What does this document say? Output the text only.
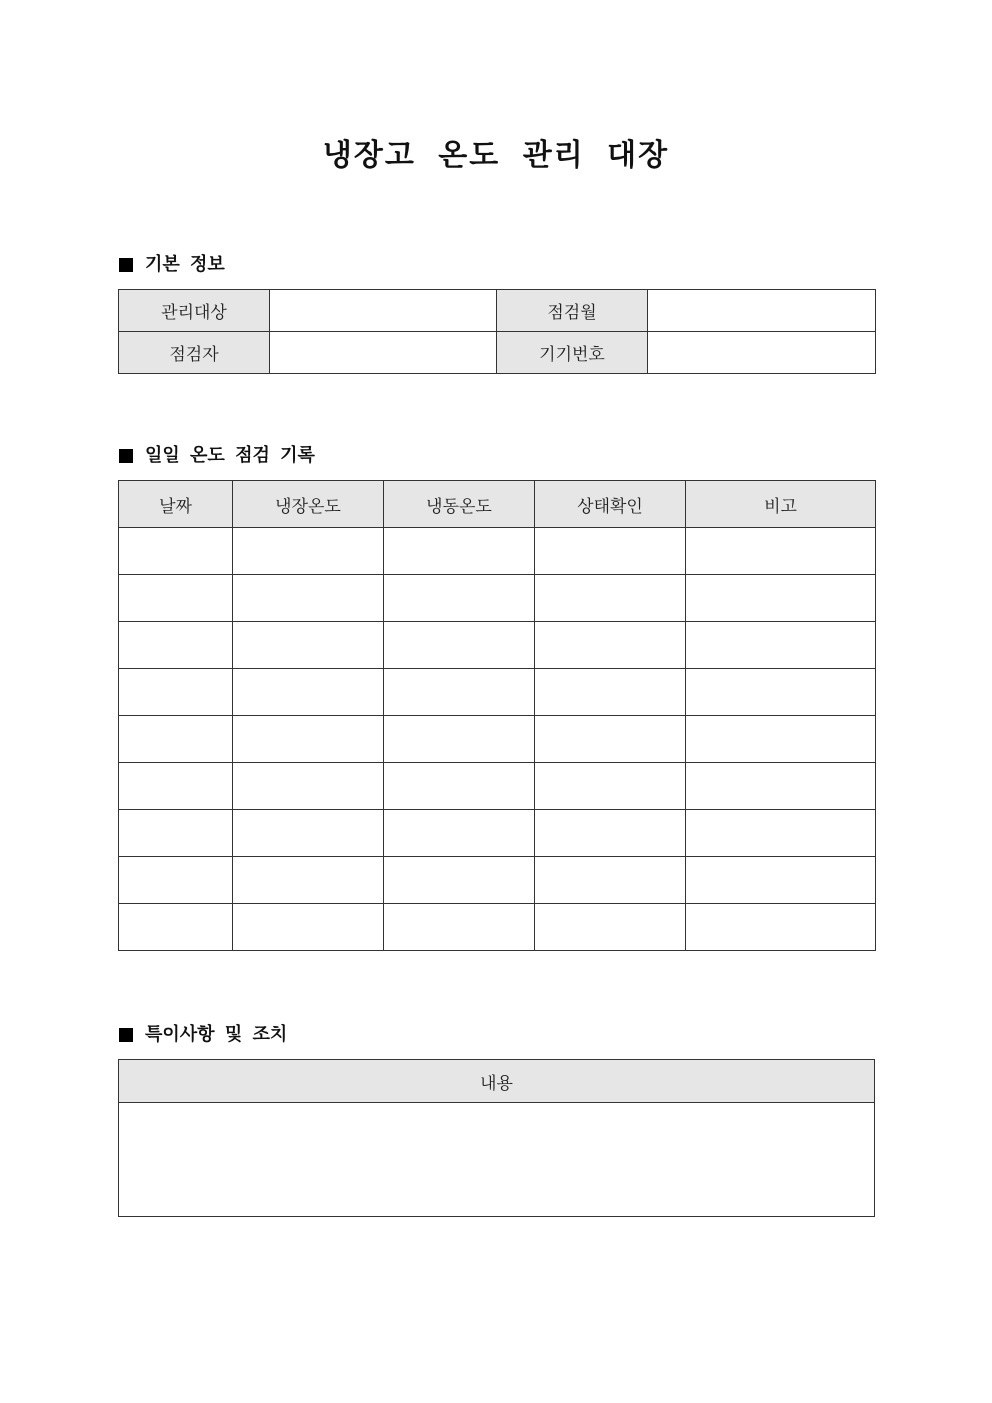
냉장고 온도 관리 대장
기본 정보
관리대상		점검월	
점검자		기기번호	
일일 온도 점검 기록
날짜	냉장온도	냉동온도	상태확인	비고

특이사항 및 조치
내용
